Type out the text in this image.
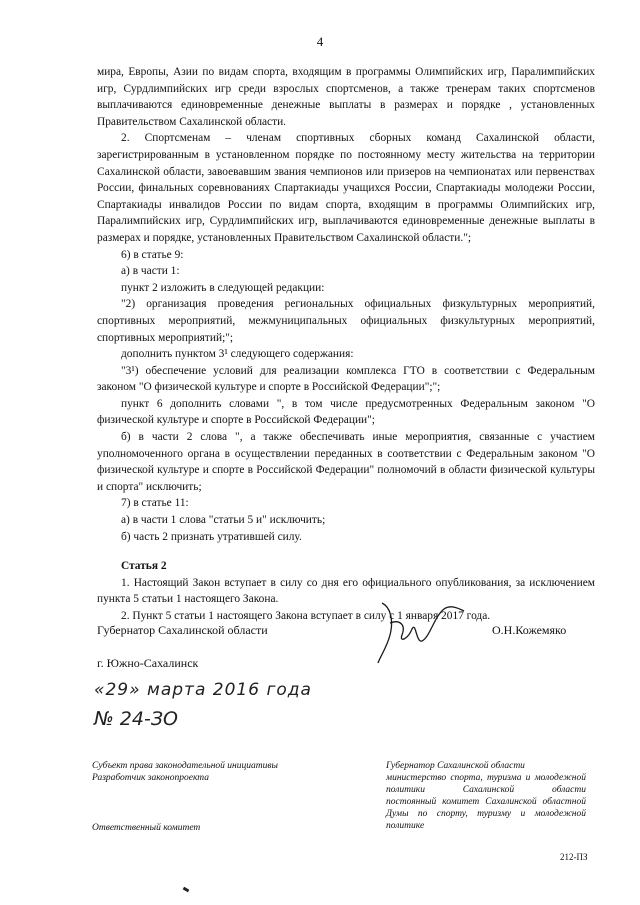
4

мира, Европы, Азии по видам спорта, входящим в программы Олимпийских игр, Паралимпийских игр, Сурдлимпийских игр среди взрослых спортсменов, а также тренерам таких спортсменов выплачиваются единовременные денежные выплаты в размерах и порядке , установленных Правительством Сахалинской области.

2. Спортсменам – членам спортивных сборных команд Сахалинской области, зарегистрированным в установленном порядке по постоянному месту жительства на территории Сахалинской области, завоевавшим звания чемпионов или призеров на чемпионатах или первенствах России, финальных соревнованиях Спартакиады учащихся России, Спартакиады молодежи России, Спартакиады инвалидов России по видам спорта, входящим в программы Олимпийских игр, Паралимпийских игр, Сурдлимпийских игр, выплачиваются единовременные денежные выплаты в размерах и порядке, установленных Правительством Сахалинской области.";

6) в статье 9:

а) в части 1:

пункт 2 изложить в следующей редакции:

"2) организация проведения региональных официальных физкультурных мероприятий, спортивных мероприятий, межмуниципальных официальных физкультурных мероприятий, спортивных мероприятий;";

дополнить пунктом 3¹ следующего содержания:

"3¹) обеспечение условий для реализации комплекса ГТО в соответствии с Федеральным законом "О физической культуре и спорте в Российской Федерации";";

пункт 6 дополнить словами ", в том числе предусмотренных Федеральным законом "О физической культуре и спорте в Российской Федерации";

б) в части 2 слова ", а также обеспечивать иные мероприятия, связанные с участием уполномоченного органа в осуществлении переданных в соответствии с Федеральным законом "О физической культуре и спорте в Российской Федерации" полномочий в области физической культуры и спорта" исключить;

7) в статье 11:

а) в части 1 слова "статьи 5 и" исключить;

б) часть 2 признать утратившей силу.

Статья 2

1. Настоящий Закон вступает в силу со дня его официального опубликования, за исключением пункта 5 статьи 1 настоящего Закона.

2. Пункт 5 статьи 1 настоящего Закона вступает в силу с 1 января 2017 года.

Губернатор Сахалинской области	О.Н.Кожемяко
г. Южно-Сахалинск
«29» марта 2016 года
№ 24-ЗО

Субъект права законодательной инициативы

Разработчик законопроекта

Ответственный комитет

Губернатор Сахалинской области

министерство спорта, туризма и молодежной политики Сахалинской области

постоянный комитет Сахалинской областной Думы по спорту, туризму и молодежной политике

212-ПЗ
